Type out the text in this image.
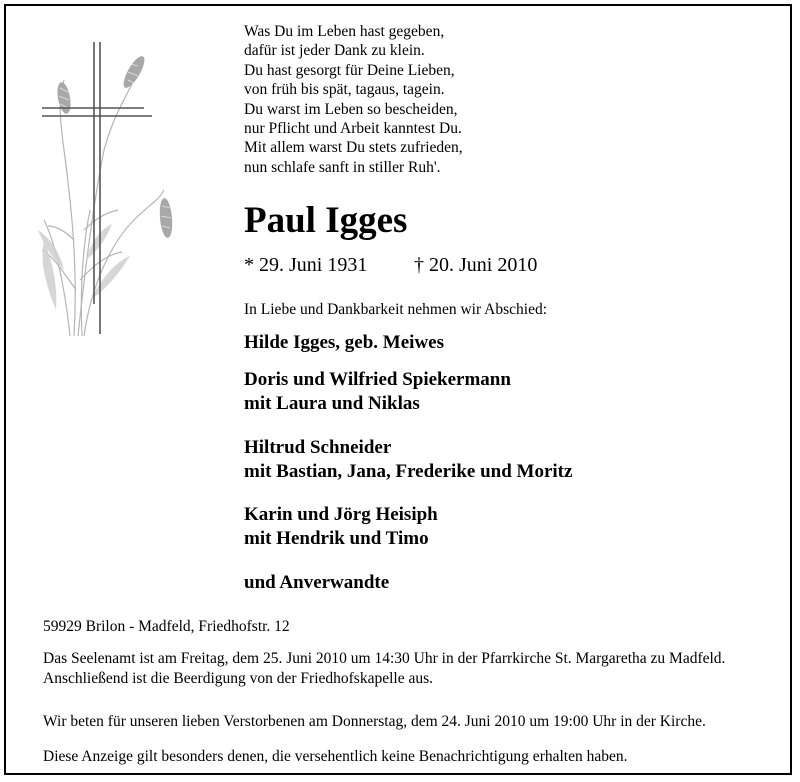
Was Du im Leben hast gegeben,
dafür ist jeder Dank zu klein.
Du hast gesorgt für Deine Lieben,
von früh bis spät, tagaus, tagein.
Du warst im Leben so bescheiden,
nur Pflicht und Arbeit kanntest Du.
Mit allem warst Du stets zufrieden,
nun schlafe sanft in stiller Ruh'.
Paul Igges
* 29. Juni 1931 † 20. Juni 2010
In Liebe und Dankbarkeit nehmen wir Abschied:
Hilde Igges, geb. Meiwes
Doris und Wilfried Spiekermann
mit Laura und Niklas
Hiltrud Schneider
mit Bastian, Jana, Frederike und Moritz
Karin und Jörg Heisiph
mit Hendrik und Timo
und Anverwandte
59929 Brilon - Madfeld, Friedhofstr. 12
Das Seelenamt ist am Freitag, dem 25. Juni 2010 um 14:30 Uhr in der Pfarrkirche St. Margaretha zu Madfeld.
Anschließend ist die Beerdigung von der Friedhofskapelle aus.
Wir beten für unseren lieben Verstorbenen am Donnerstag, dem 24. Juni 2010 um 19:00 Uhr in der Kirche.
Diese Anzeige gilt besonders denen, die versehentlich keine Benachrichtigung erhalten haben.
